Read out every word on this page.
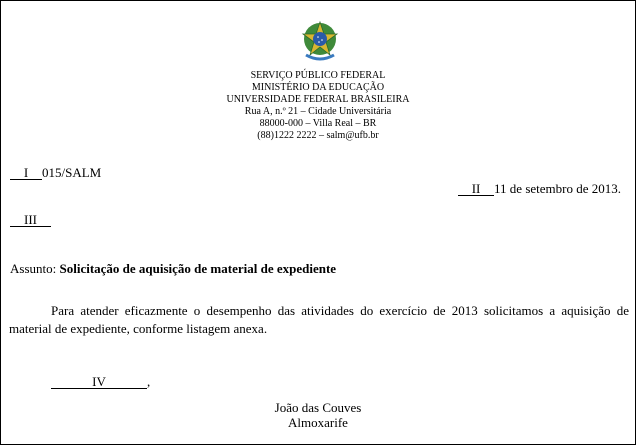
SERVIÇO PÚBLICO FEDERAL
MINISTÉRIO DA EDUCAÇÃO
UNIVERSIDADE FEDERAL BRASILEIRA
Rua A, n.º 21 – Cidade Universitária
88000-000 – Villa Real – BR
(88)1222 2222 – salm@ufb.br
I 015/SALM
II 11 de setembro de 2013.
III
Assunto: Solicitação de aquisição de material de expediente
Para atender eficazmente o desempenho das atividades do exercício de 2013 solicitamos a aquisição de material de expediente, conforme listagem anexa.
IV	,
João das Couves
Almoxarife
